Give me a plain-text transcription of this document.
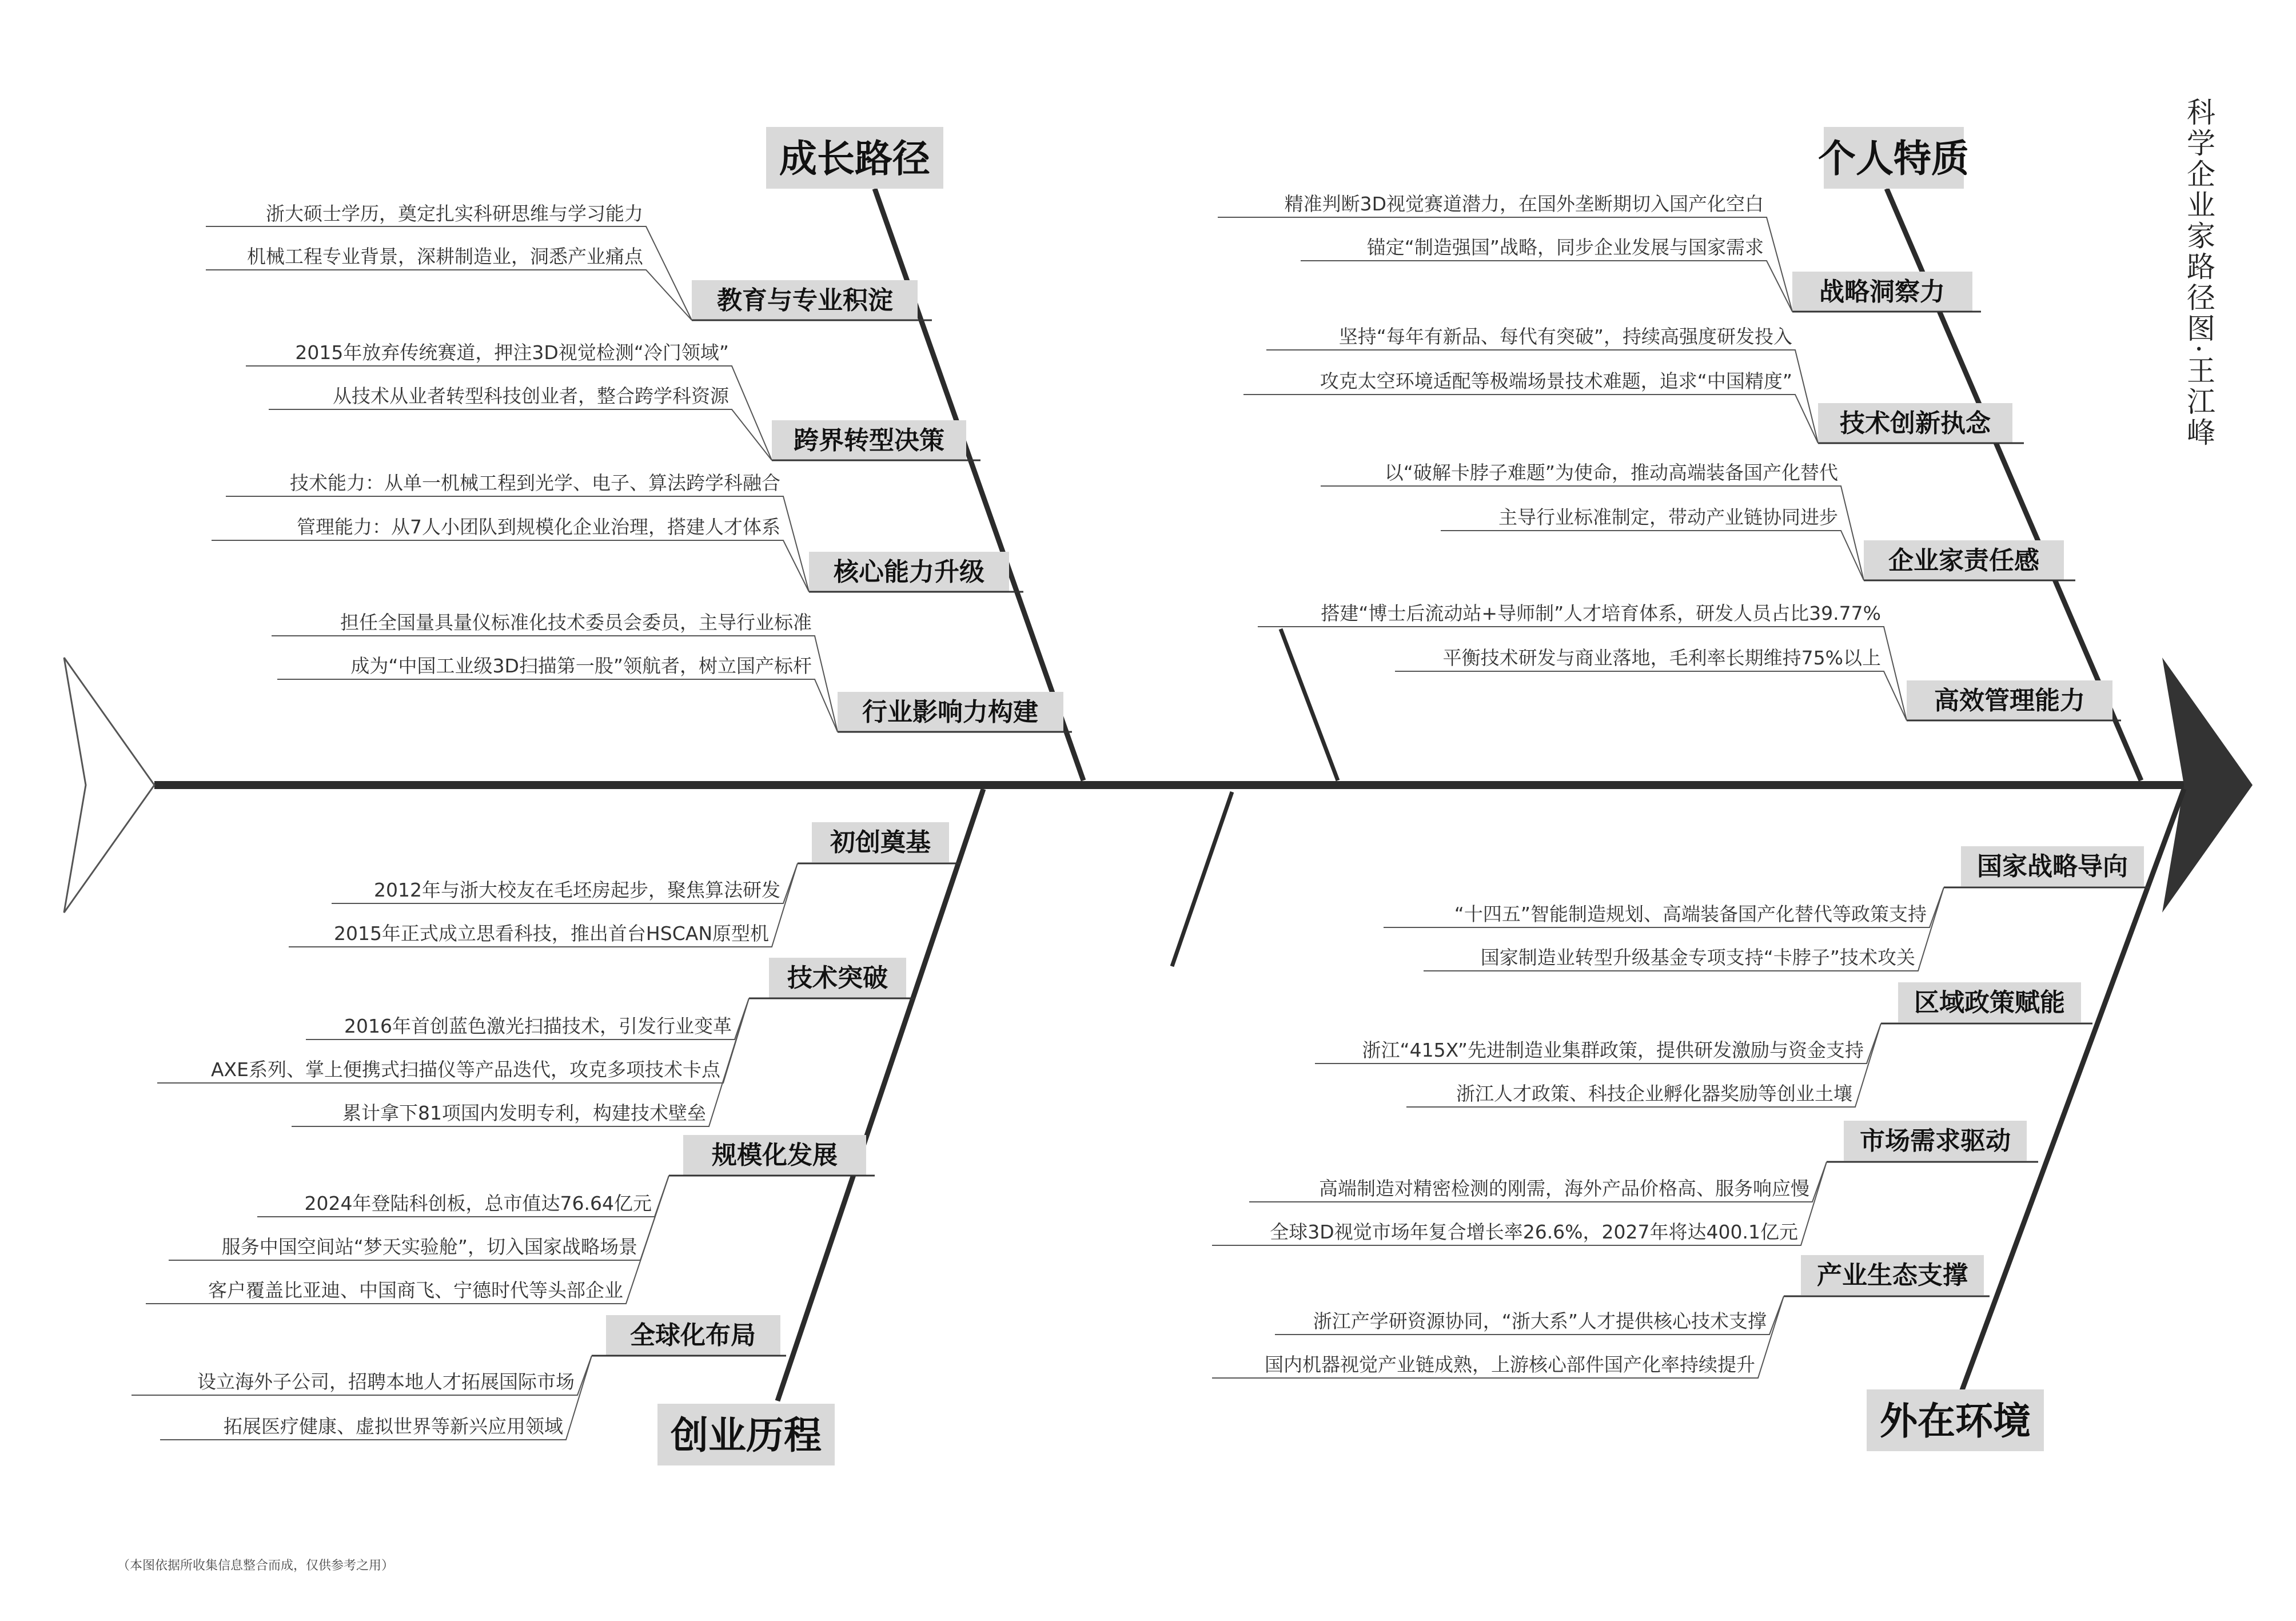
成长路径	个人特质
创业历程	外在环境
教育与专业积淀
浙大硕士学历，奠定扎实科研思维与学习能力
机械工程专业背景，深耕制造业，洞悉产业痛点
跨界转型决策
2015年放弃传统赛道，押注3D视觉检测“冷门领域”
从技术从业者转型科技创业者，整合跨学科资源
核心能力升级
技术能力：从单一机械工程到光学、电子、算法跨学科融合
管理能力：从7人小团队到规模化企业治理，搭建人才体系
行业影响力构建
担任全国量具量仪标准化技术委员会委员，主导行业标准
成为“中国工业级3D扫描第一股”领航者，树立国产标杆
战略洞察力
精准判断3D视觉赛道潜力，在国外垄断期切入国产化空白
锚定“制造强国”战略，同步企业发展与国家需求
技术创新执念
坚持“每年有新品、每代有突破”，持续高强度研发投入
攻克太空环境适配等极端场景技术难题，追求“中国精度”
企业家责任感
以“破解卡脖子难题”为使命，推动高端装备国产化替代
主导行业标准制定，带动产业链协同进步
高效管理能力
搭建“博士后流动站+导师制”人才培育体系，研发人员占比39.77%
平衡技术研发与商业落地，毛利率长期维持75%以上
初创奠基
2012年与浙大校友在毛坯房起步，聚焦算法研发
2015年正式成立思看科技，推出首台HSCAN原型机
技术突破
2016年首创蓝色激光扫描技术，引发行业变革
AXE系列、掌上便携式扫描仪等产品迭代，攻克多项技术卡点
累计拿下81项国内发明专利，构建技术壁垒
规模化发展
2024年登陆科创板，总市值达76.64亿元
服务中国空间站“梦天实验舱”，切入国家战略场景
客户覆盖比亚迪、中国商飞、宁德时代等头部企业
全球化布局
设立海外子公司，招聘本地人才拓展国际市场
拓展医疗健康、虚拟世界等新兴应用领域
国家战略导向
“十四五”智能制造规划、高端装备国产化替代等政策支持
国家制造业转型升级基金专项支持“卡脖子”技术攻关
区域政策赋能
浙江“415X”先进制造业集群政策，提供研发激励与资金支持
浙江人才政策、科技企业孵化器奖励等创业土壤
市场需求驱动
高端制造对精密检测的刚需，海外产品价格高、服务响应慢
全球3D视觉市场年复合增长率26.6%，2027年将达400.1亿元
产业生态支撑
浙江产学研资源协同，“浙大系”人才提供核心技术支撑
国内机器视觉产业链成熟，上游核心部件国产化率持续提升
（本图依据所收集信息整合而成，仅供参考之用）
科学企业家路径图·王江峰
